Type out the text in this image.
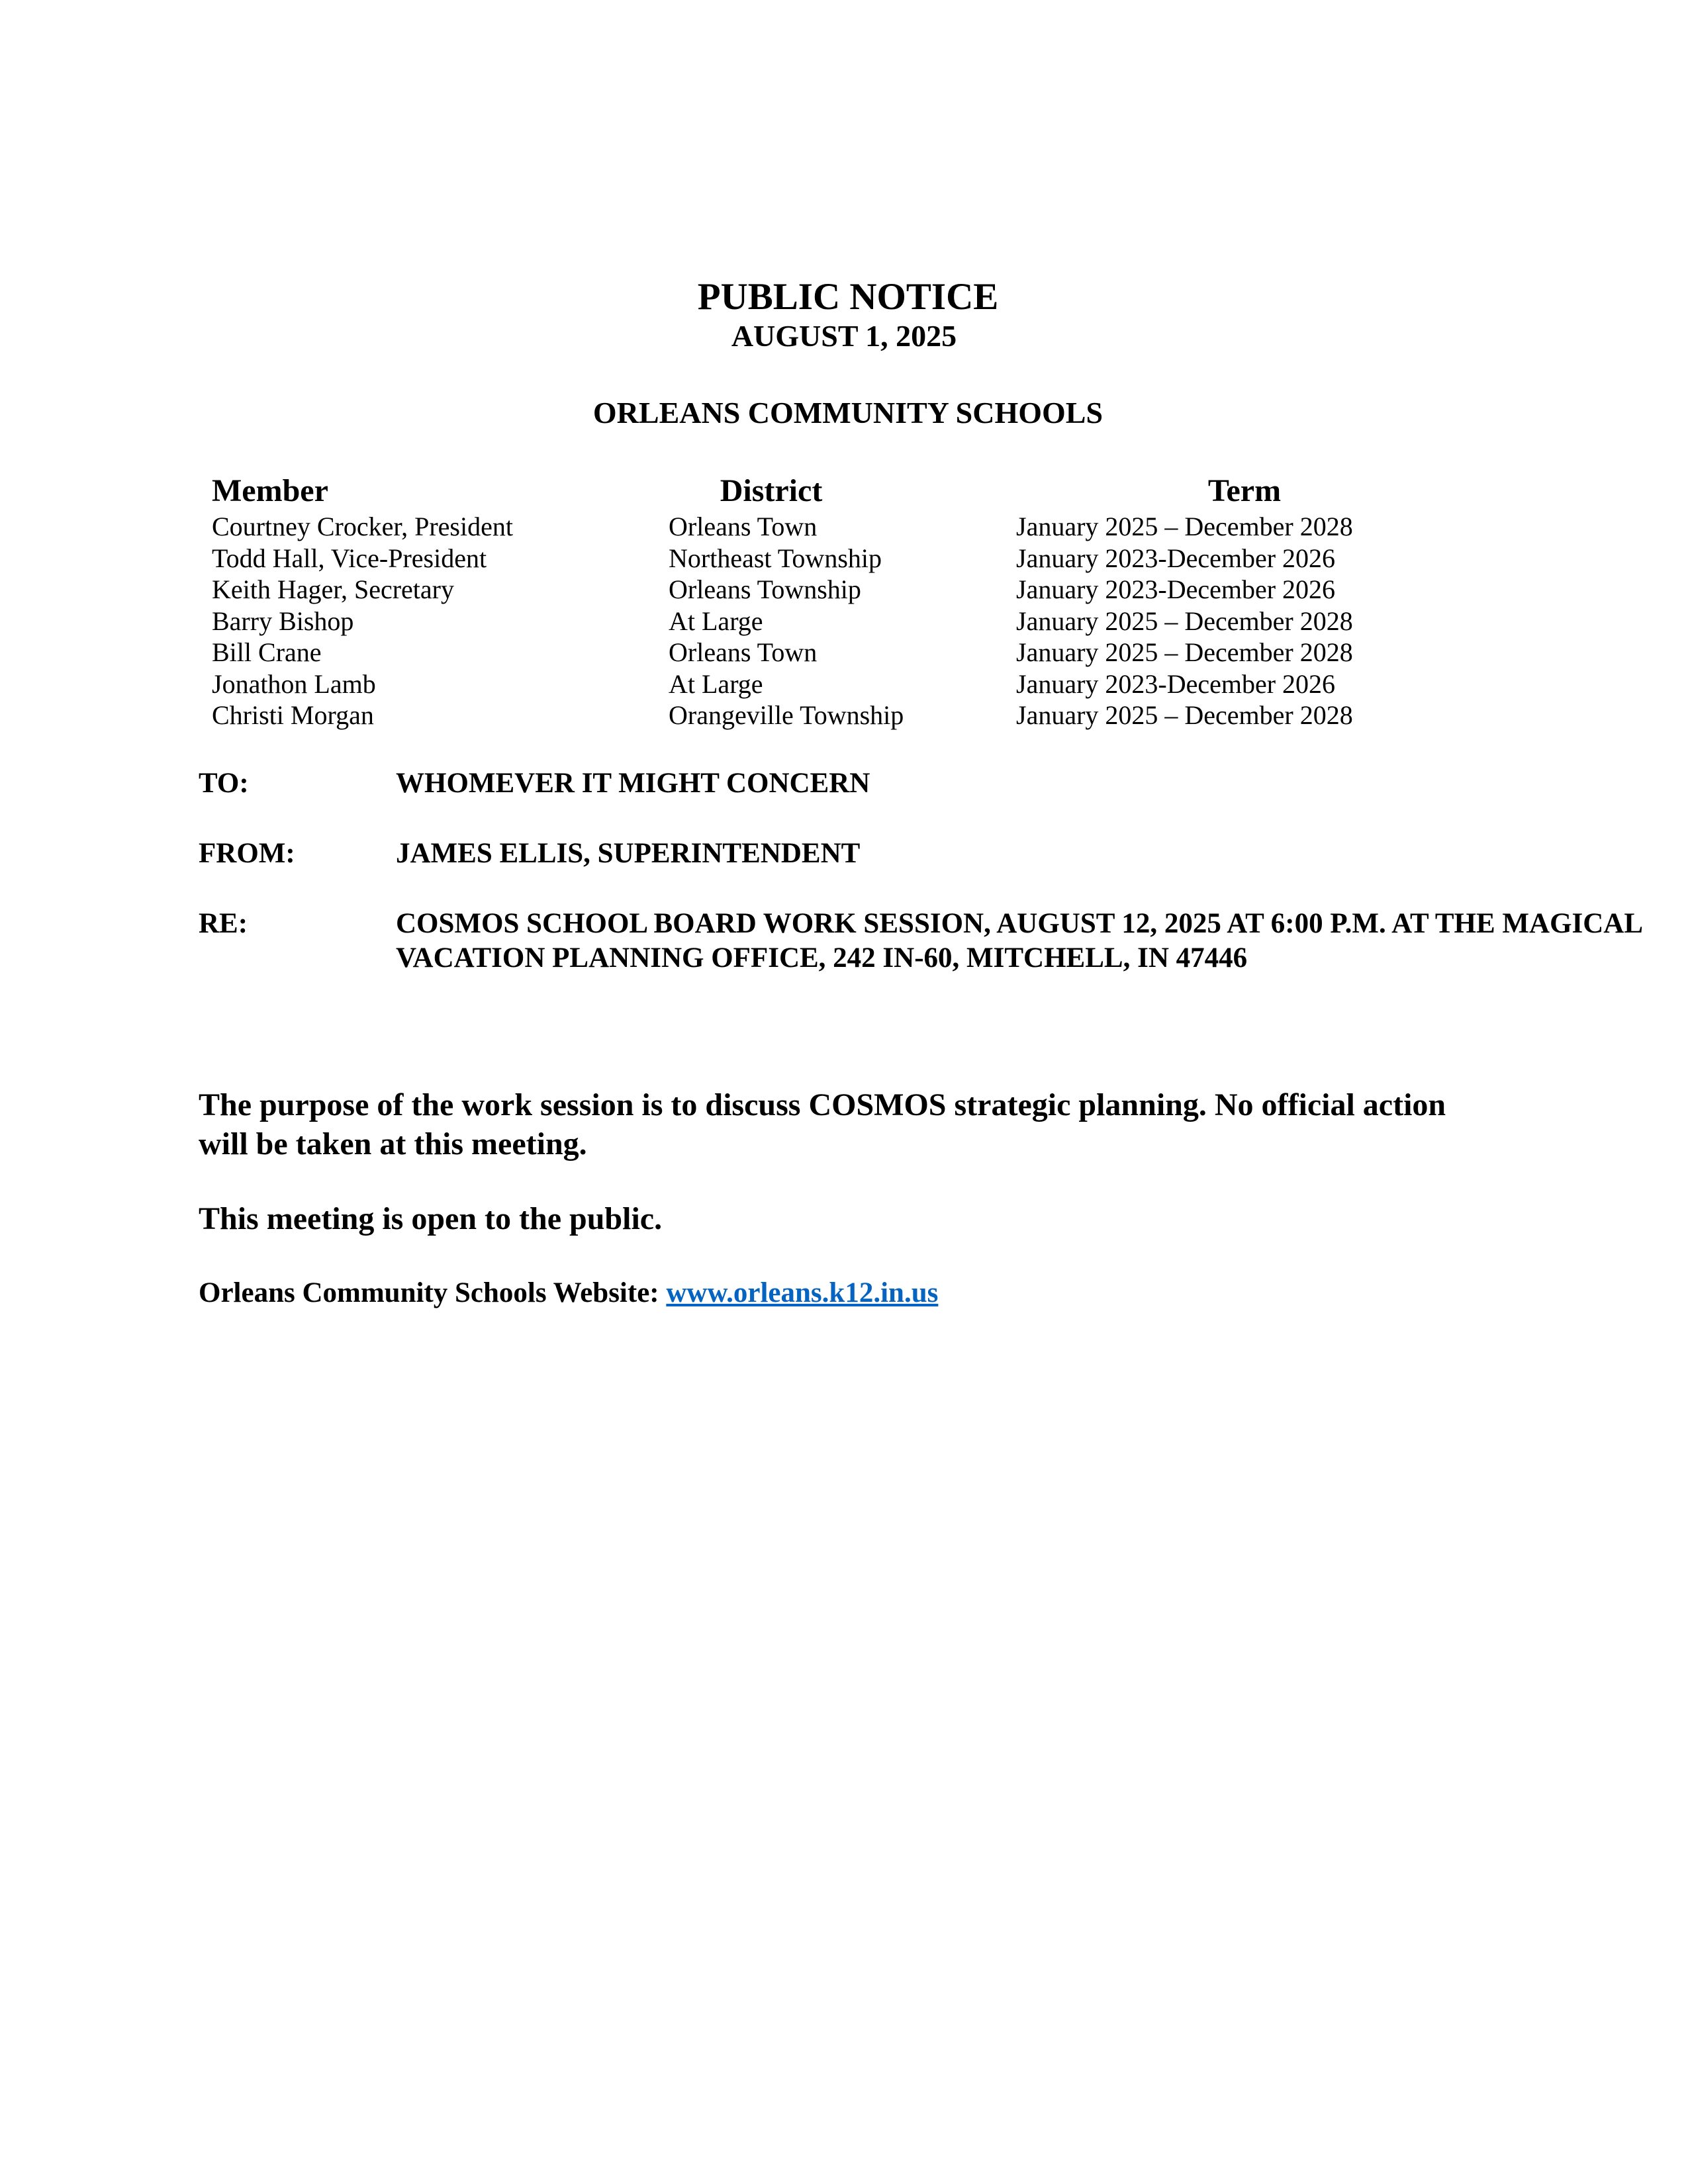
PUBLIC NOTICE
AUGUST 1, 2025
ORLEANS COMMUNITY SCHOOLS
Member	District	Term
Courtney Crocker, President	Orleans Town	January 2025 – December 2028
Todd Hall, Vice-President	Northeast Township	January 2023-December 2026
Keith Hager, Secretary	Orleans Township	January 2023-December 2026
Barry Bishop	At Large	January 2025 – December 2028
Bill Crane	Orleans Town	January 2025 – December 2028
Jonathon Lamb	At Large	January 2023-December 2026
Christi Morgan	Orangeville Township	January 2025 – December 2028
TO:	WHOMEVER IT MIGHT CONCERN
FROM:	JAMES ELLIS, SUPERINTENDENT
RE:	COSMOS SCHOOL BOARD WORK SESSION, AUGUST 12, 2025 AT 6:00 P.M. AT THE MAGICAL VACATION PLANNING OFFICE, 242 IN-60, MITCHELL, IN 47446
The purpose of the work session is to discuss COSMOS strategic planning. No official action will be taken at this meeting.
This meeting is open to the public.
Orleans Community Schools Website: www.orleans.k12.in.us
